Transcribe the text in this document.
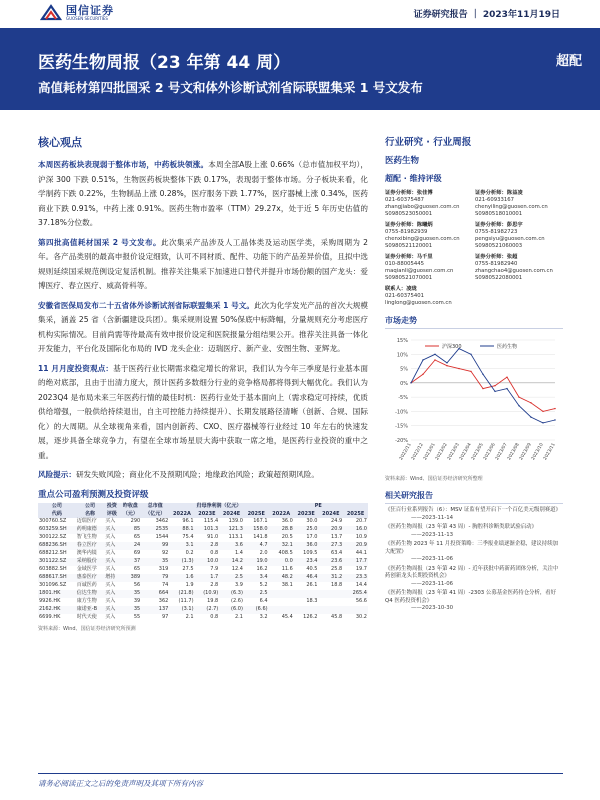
国信证券
GUOSEN SECURITIES	证券研究报告 ｜ 2023年11月19日
医药生物周报（23 年第 44 周）
高值耗材第四批国采 2 号文和体外诊断试剂省际联盟集采 1 号文发布
超配
核心观点

本周医药板块表现弱于整体市场，中药板块领涨。本周全部A股上涨 0.66%（总市值加权平均），沪深 300 下跌 0.51%，生物医药板块整体下跌 0.17%，表现弱于整体市场。分子板块来看，化学制药下跌 0.22%，生物制品上涨 0.28%，医疗服务下跌 1.77%，医疗器械上涨 0.34%，医药商业下跌 0.91%，中药上涨 0.91%。医药生物市盈率（TTM）29.27x，处于近 5 年历史估值的 37.18%分位数。

第四批高值耗材国采 2 号文发布。此次集采产品涉及人工晶体类及运动医学类，采购周期为 2 年。各产品类别的最高申报价设定细致，认可不同材质、配件、功能下的产品差异价值，且拟中选规则延续国采规范例设定复活机制。推荐关注集采下加速进口替代并提升市场份额的国产龙头：爱博医疗、春立医疗、威高骨科等。

安徽省医保局发布二十五省体外诊断试剂省际联盟集采 1 号文。此次为化学发光产品的首次大规模集采，涵盖 25 省（含新疆建设兵团）。集采规则设置 50%保底中标降幅，分量规则充分考虑医疗机构实际情况。目前尚需等待最高有效申报价设定和医院报量分组结果公开。推荐关注具备一体化开发能力，平台化及国际化布局的 IVD 龙头企业：迈瑞医疗、新产业、安图生物、亚辉龙。

11 月月度投资观点：基于医药行业长期需求稳定增长的常识，我们认为今年三季度是行业基本面的绝对底部，且由于出清力度大，预计医药多数细分行业的竞争格局都将得到大幅优化。我们认为 2023Q4 是布局未来三年医药行情的最佳时机：医药行业处于基本面向上（需求稳定可持续，优质供给增强，一般供给持续退出，自主可控能力持续提升）、长期发展路径清晰（创新、合规、国际化）的大周期。从全球视角来看，国内创新药、CXO、医疗器械等行业经过 10 年左右的快速发展，逐步具备全球竞争力，有望在全球市场星辰大海中获取一席之地，是医药行业投资的重中之重。

风险提示：研发失败风险；商业化不及预期风险；地缘政治风险；政策超预期风险。

重点公司盈利预测及投资评级
公司	公司	投资	昨收盘	总市值	归母净利润（亿元）				PE			
代码	名称	评级	（元）	（亿元）	2022A	2023E	2024E	2025E	2022A	2023E	2024E	2025E
300760.SZ	迈瑞医疗	买入	290	3462	96.1	115.4	139.0	167.1	36.0	30.0	24.9	20.7
603259.SH	药明康德	买入	85	2535	88.1	101.3	121.3	158.0	28.8	25.0	20.9	16.0
300122.SZ	智飞生物	买入	65	1544	75.4	91.0	113.1	141.8	20.5	17.0	13.7	10.9
688236.SH	春立医疗	买入	24	99	3.1	2.8	3.6	4.7	32.1	36.0	27.3	20.9
688212.SH	澳华内镜	买入	69	92	0.2	0.8	1.4	2.0	408.5	109.5	63.4	44.1
301122.SZ	采纳股份	买入	37	35	(1.3)	10.0	14.2	19.0	0.0	23.4	23.6	17.7
603882.SH	金域医学	买入	65	319	27.5	7.9	12.4	16.2	11.6	40.5	25.8	19.7
688617.SH	惠泰医疗	增持	389	79	1.6	1.7	2.5	3.4	48.2	46.4	31.2	23.3
301096.SZ	百诚医药	买入	56	74	1.9	2.8	3.9	5.2	38.1	26.1	18.8	14.4
1801.HK	信达生物	买入	35	664	(21.8)	(10.9)	(6.3)	2.5				265.4
9926.HK	康方生物	买入	39	362	(11.7)	19.8	(2.6)	6.4		18.3		56.6
2162.HK	康诺亚-B	买入	35	137	(3.1)	(2.7)	(6.0)	(6.6)				
6699.HK	时代天使	买入	55	97	2.1	0.8	2.1	3.2	45.4	126.2	45.8	30.2
资料来源：Wind、国信证券经济研究所预测
行业研究 · 行业周报
医药生物
超配 · 维持评级
证券分析师：张佳博
021-60375487
zhangjiabo@guosen.com.cn
S0980523050001
证券分析师：陈益凌
021-60933167
chenyiling@guosen.com.cn
S0980518010001
证券分析师：陈曦炳
0755-81982939
chenxibing@guosen.com.cn
S0980521120001
证券分析师：彭思宇
0755-81982723
pengsiyu@guosen.com.cn
S0980521060003
证券分析师：马千里
010-88005445
maqianli@guosen.com.cn
S0980521070001
证券分析师：张超
0755-81982940
zhangchao4@guosen.com.cn
S0980522080001
联系人：凌珑
021-60375401
linglong@guosen.com.cn
市场走势
15%
10%
5%
0%
-5%
-10%
-15%
-20%
2022/11
2022/12
2023/01
2023/02
2023/03
2023/04
2023/05
2023/06
2023/07
2023/08
2023/09
2023/10
2023/11
沪深300	医药生物
资料来源：Wind、国信证券经济研究所整理
相关研究报告
《狂百行业系列报告（6）：MSV 证监有望开启下一个百亿美元级别赛道》
——2023-11-14
《医药生物周报（23 年第 43 周）- 胸腔科诊断类联试验启动》
——2023-11-13
《医药生物 2023 年 11 月投资策略：三季报业绩逐渐企稳，建议持续加大配置》
——2023-11-06
《医药生物周报（23 年第 42 周）- 近年获批中药新药团体分析，关注中药创新龙头长期投资机会》
——2023-11-06
《医药生物周报（23 年第 41 周）-2303 公募基金医药持仓分析，看好 Q4 医药投资机会》
——2023-10-30
请务必阅读正文之后的免责声明及其项下所有内容
